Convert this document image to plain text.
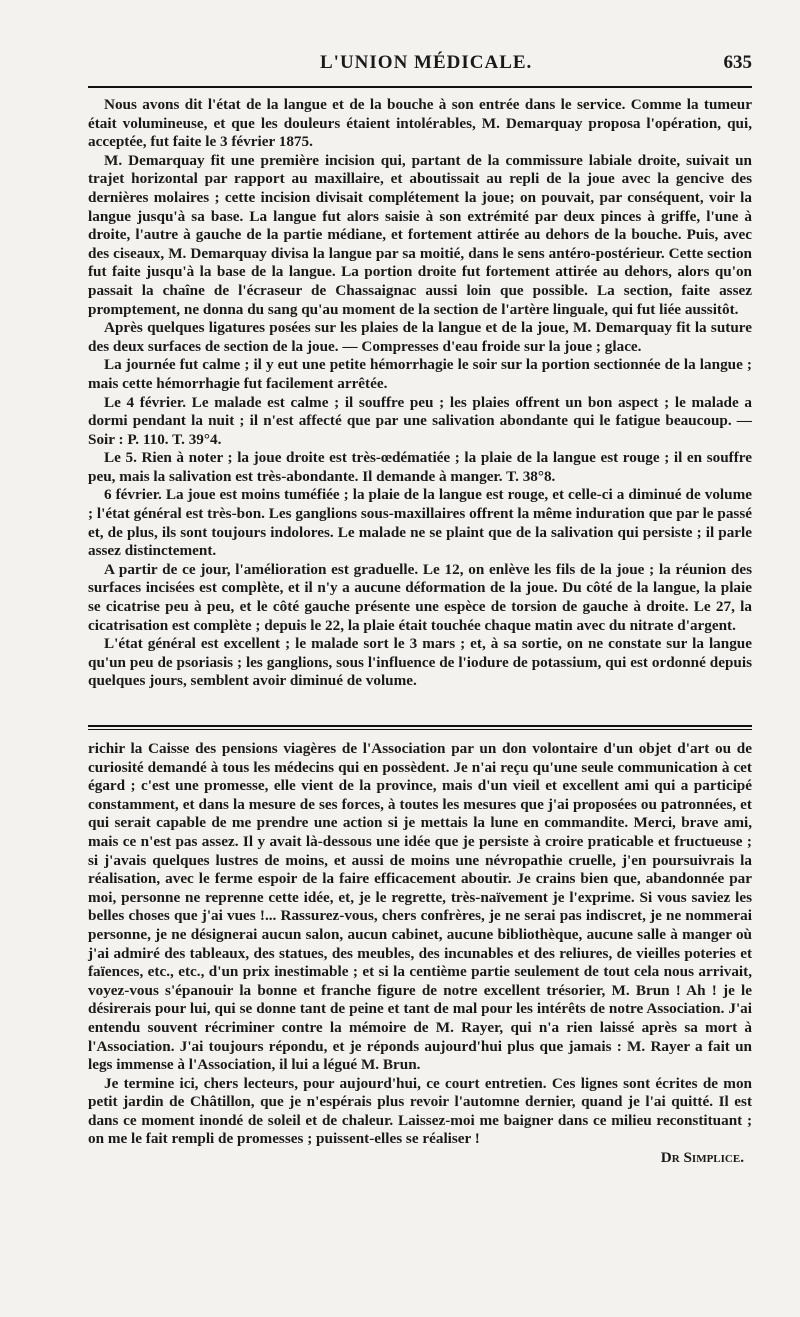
L'UNION MÉDICALE.	635

Nous avons dit l'état de la langue et de la bouche à son entrée dans le service. Comme la tumeur était volumineuse, et que les douleurs étaient intolérables, M. Demarquay proposa l'opération, qui, acceptée, fut faite le 3 février 1875.

M. Demarquay fit une première incision qui, partant de la commissure labiale droite, suivait un trajet horizontal par rapport au maxillaire, et aboutissait au repli de la joue avec la gencive des dernières molaires ; cette incision divisait complétement la joue; on pouvait, par conséquent, voir la langue jusqu'à sa base. La langue fut alors saisie à son extrémité par deux pinces à griffe, l'une à droite, l'autre à gauche de la partie médiane, et fortement attirée au dehors de la bouche. Puis, avec des ciseaux, M. Demarquay divisa la langue par sa moitié, dans le sens antéro-postérieur. Cette section fut faite jusqu'à la base de la langue. La portion droite fut fortement attirée au dehors, alors qu'on passait la chaîne de l'écraseur de Chassaignac aussi loin que possible. La section, faite assez promptement, ne donna du sang qu'au moment de la section de l'artère linguale, qui fut liée aussitôt.

Après quelques ligatures posées sur les plaies de la langue et de la joue, M. Demarquay fit la suture des deux surfaces de section de la joue. — Compresses d'eau froide sur la joue ; glace.

La journée fut calme ; il y eut une petite hémorrhagie le soir sur la portion sectionnée de la langue ; mais cette hémorrhagie fut facilement arrêtée.

Le 4 février. Le malade est calme ; il souffre peu ; les plaies offrent un bon aspect ; le malade a dormi pendant la nuit ; il n'est affecté que par une salivation abondante qui le fatigue beaucoup. — Soir : P. 110. T. 39°4.

Le 5. Rien à noter ; la joue droite est très-œdématiée ; la plaie de la langue est rouge ; il en souffre peu, mais la salivation est très-abondante. Il demande à manger. T. 38°8.

6 février. La joue est moins tuméfiée ; la plaie de la langue est rouge, et celle-ci a diminué de volume ; l'état général est très-bon. Les ganglions sous-maxillaires offrent la même induration que par le passé et, de plus, ils sont toujours indolores. Le malade ne se plaint que de la salivation qui persiste ; il parle assez distinctement.

A partir de ce jour, l'amélioration est graduelle. Le 12, on enlève les fils de la joue ; la réunion des surfaces incisées est complète, et il n'y a aucune déformation de la joue. Du côté de la langue, la plaie se cicatrise peu à peu, et le côté gauche présente une espèce de torsion de gauche à droite. Le 27, la cicatrisation est complète ; depuis le 22, la plaie était touchée chaque matin avec du nitrate d'argent.

L'état général est excellent ; le malade sort le 3 mars ; et, à sa sortie, on ne constate sur la langue qu'un peu de psoriasis ; les ganglions, sous l'influence de l'iodure de potassium, qui est ordonné depuis quelques jours, semblent avoir diminué de volume.

richir la Caisse des pensions viagères de l'Association par un don volontaire d'un objet d'art ou de curiosité demandé à tous les médecins qui en possèdent. Je n'ai reçu qu'une seule communication à cet égard ; c'est une promesse, elle vient de la province, mais d'un vieil et excellent ami qui a participé constamment, et dans la mesure de ses forces, à toutes les mesures que j'ai proposées ou patronnées, et qui serait capable de me prendre une action si je mettais la lune en commandite. Merci, brave ami, mais ce n'est pas assez. Il y avait là-dessous une idée que je persiste à croire praticable et fructueuse ; si j'avais quelques lustres de moins, et aussi de moins une névropathie cruelle, j'en poursuivrais la réalisation, avec le ferme espoir de la faire efficacement aboutir. Je crains bien que, abandonnée par moi, personne ne reprenne cette idée, et, je le regrette, très-naïvement je l'exprime. Si vous saviez les belles choses que j'ai vues !... Rassurez-vous, chers confrères, je ne serai pas indiscret, je ne nommerai personne, je ne désignerai aucun salon, aucun cabinet, aucune bibliothèque, aucune salle à manger où j'ai admiré des tableaux, des statues, des meubles, des incunables et des reliures, de vieilles poteries et faïences, etc., etc., d'un prix inestimable ; et si la centième partie seulement de tout cela nous arrivait, voyez-vous s'épanouir la bonne et franche figure de notre excellent trésorier, M. Brun ! Ah ! je le désirerais pour lui, qui se donne tant de peine et tant de mal pour les intérêts de notre Association. J'ai entendu souvent récriminer contre la mémoire de M. Rayer, qui n'a rien laissé après sa mort à l'Association. J'ai toujours répondu, et je réponds aujourd'hui plus que jamais : M. Rayer a fait un legs immense à l'Association, il lui a légué M. Brun.

Je termine ici, chers lecteurs, pour aujourd'hui, ce court entretien. Ces lignes sont écrites de mon petit jardin de Châtillon, que je n'espérais plus revoir l'automne dernier, quand je l'ai quitté. Il est dans ce moment inondé de soleil et de chaleur. Laissez-moi me baigner dans ce milieu reconstituant ; on me le fait rempli de promesses ; puissent-elles se réaliser !

Dr Simplice.
